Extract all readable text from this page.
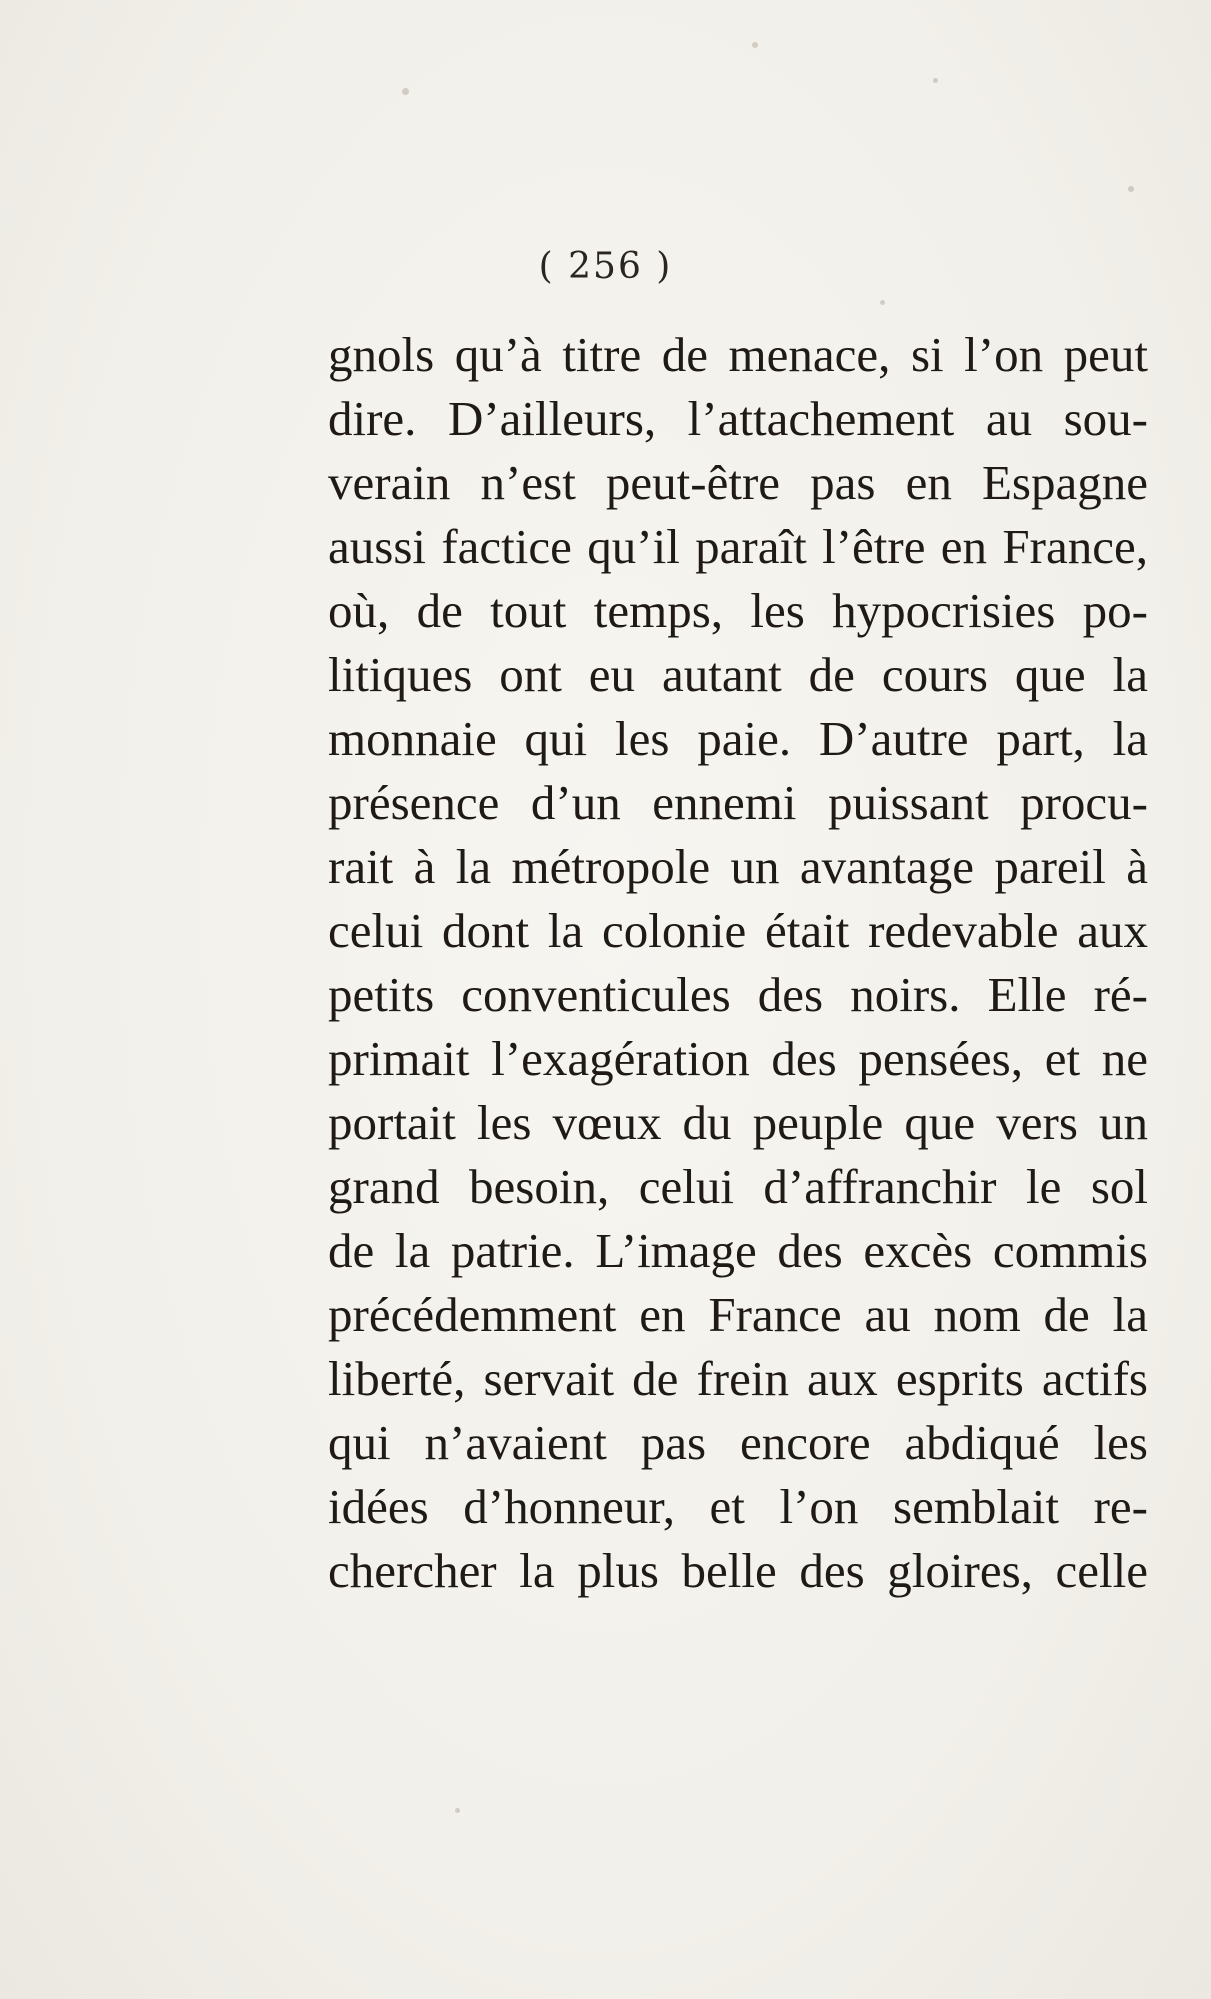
( 256 )
gnols qu’à titre de menace, si l’on peut
dire. D’ailleurs, l’attachement au sou-
verain n’est peut-être pas en Espagne
aussi factice qu’il paraît l’être en France,
où, de tout temps, les hypocrisies po-
litiques ont eu autant de cours que la
monnaie qui les paie. D’autre part, la
présence d’un ennemi puissant procu-
rait à la métropole un avantage pareil à
celui dont la colonie était redevable aux
petits conventicules des noirs. Elle ré-
primait l’exagération des pensées, et ne
portait les vœux du peuple que vers un
grand besoin, celui d’affranchir le sol
de la patrie. L’image des excès commis
précédemment en France au nom de la
liberté, servait de frein aux esprits actifs
qui n’avaient pas encore abdiqué les
idées d’honneur, et l’on semblait re-
chercher la plus belle des gloires, celle
